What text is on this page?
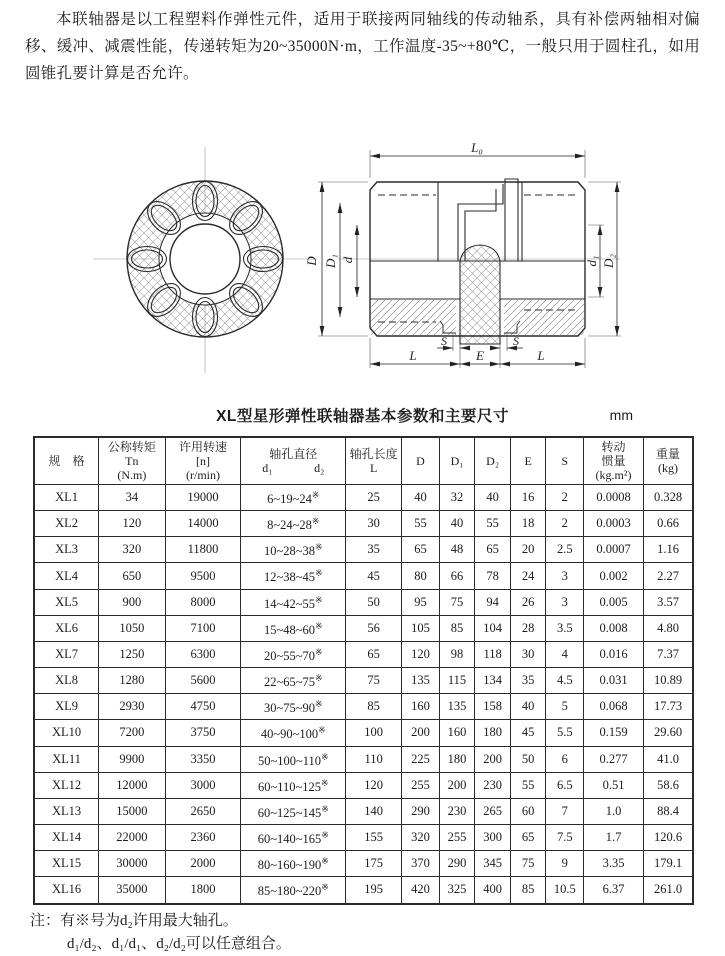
本联轴器是以工程塑料作弹性元件，适用于联接两同轴线的传动轴系，具有补偿两轴相对偏移、缓冲、减震性能，传递转矩为20~35000N·m，工作温度-35~+80℃，一般只用于圆柱孔，如用圆锥孔要计算是否允许。

L₀
D D₁ d	d₁ D₂
S	S
L	E	L
XL型星形弹性联轴器基本参数和主要尺寸	mm
规　格

公称转矩
Tn
(N.m)

许用转速
[n]
(r/min)

轴孔直径
d₁	d₂

轴孔长度
L
	D	D₁	D₂	E	S	
转动
惯量
(kg.m²)

重量
(kg)

XL1	34	19000	6~19~24※	25	40	32	40	16	2	0.0008	0.328
XL2	120	14000	8~24~28※	30	55	40	55	18	2	0.0003	0.66
XL3	320	11800	10~28~38※	35	65	48	65	20	2.5	0.0007	1.16
XL4	650	9500	12~38~45※	45	80	66	78	24	3	0.002	2.27
XL5	900	8000	14~42~55※	50	95	75	94	26	3	0.005	3.57
XL6	1050	7100	15~48~60※	56	105	85	104	28	3.5	0.008	4.80
XL7	1250	6300	20~55~70※	65	120	98	118	30	4	0.016	7.37
XL8	1280	5600	22~65~75※	75	135	115	134	35	4.5	0.031	10.89
XL9	2930	4750	30~75~90※	85	160	135	158	40	5	0.068	17.73
XL10	7200	3750	40~90~100※	100	200	160	180	45	5.5	0.159	29.60
XL11	9900	3350	50~100~110※	110	225	180	200	50	6	0.277	41.0
XL12	12000	3000	60~110~125※	120	255	200	230	55	6.5	0.51	58.6
XL13	15000	2650	60~125~145※	140	290	230	265	60	7	1.0	88.4
XL14	22000	2360	60~140~165※	155	320	255	300	65	7.5	1.7	120.6
XL15	30000	2000	80~160~190※	175	370	290	345	75	9	3.35	179.1
XL16	35000	1800	85~180~220※	195	420	325	400	85	10.5	6.37	261.0
注：有※号为d₂许用最大轴孔。
d₁/d₂、d₁/d₁、d₂/d₂可以任意组合。
